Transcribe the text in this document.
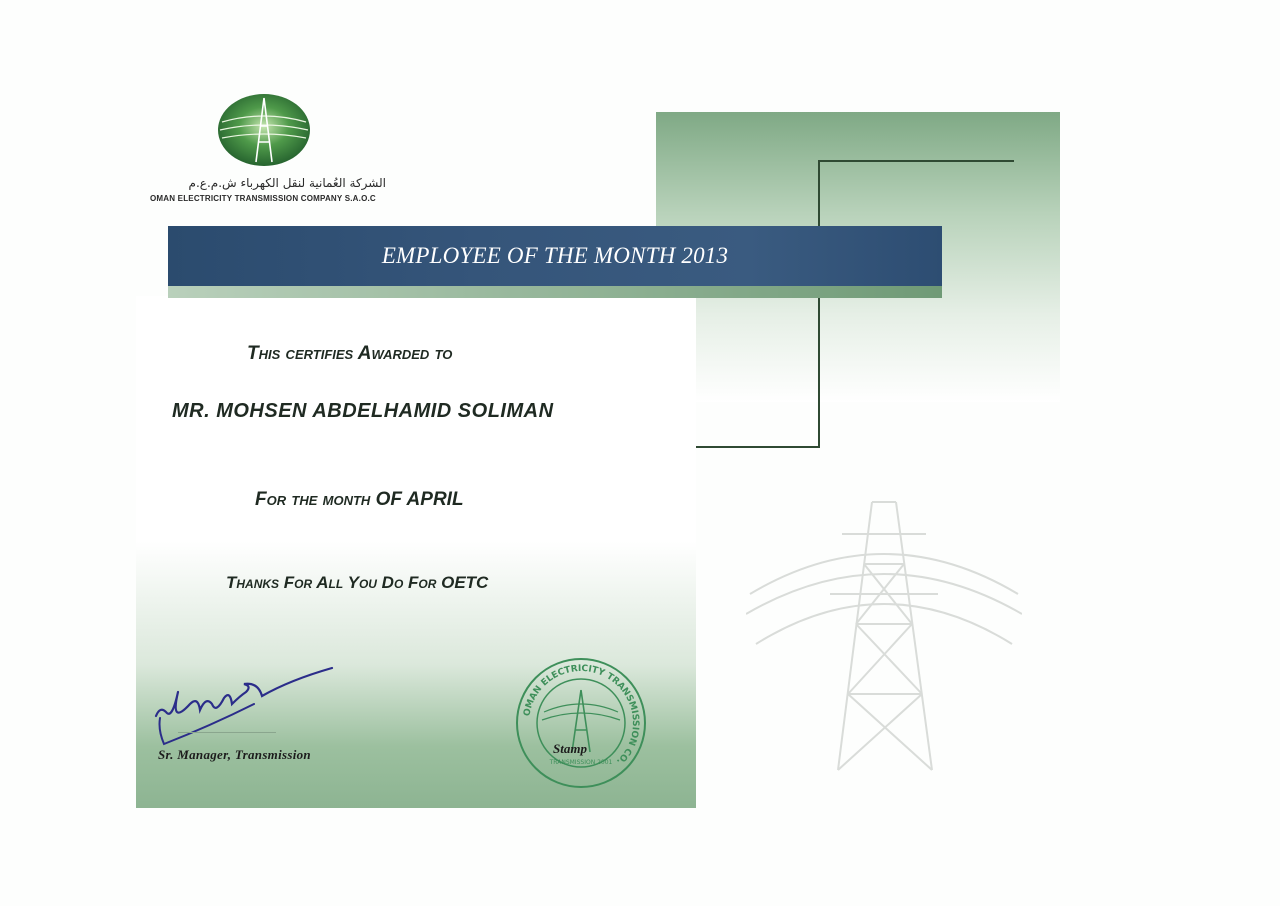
الشركة العُمانية لنقل الكهرباء ش.م.ع.م
OMAN ELECTRICITY TRANSMISSION COMPANY S.A.O.C
EMPLOYEE OF THE MONTH 2013
This certifies Awarded to
MR. MOHSEN ABDELHAMID SOLIMAN
For the month OF APRIL
Thanks For All You Do For OETC
Sr. Manager, Transmission
OMAN ELECTRICITY TRANSMISSION CO.
TRANSMISSION 2001
Stamp
